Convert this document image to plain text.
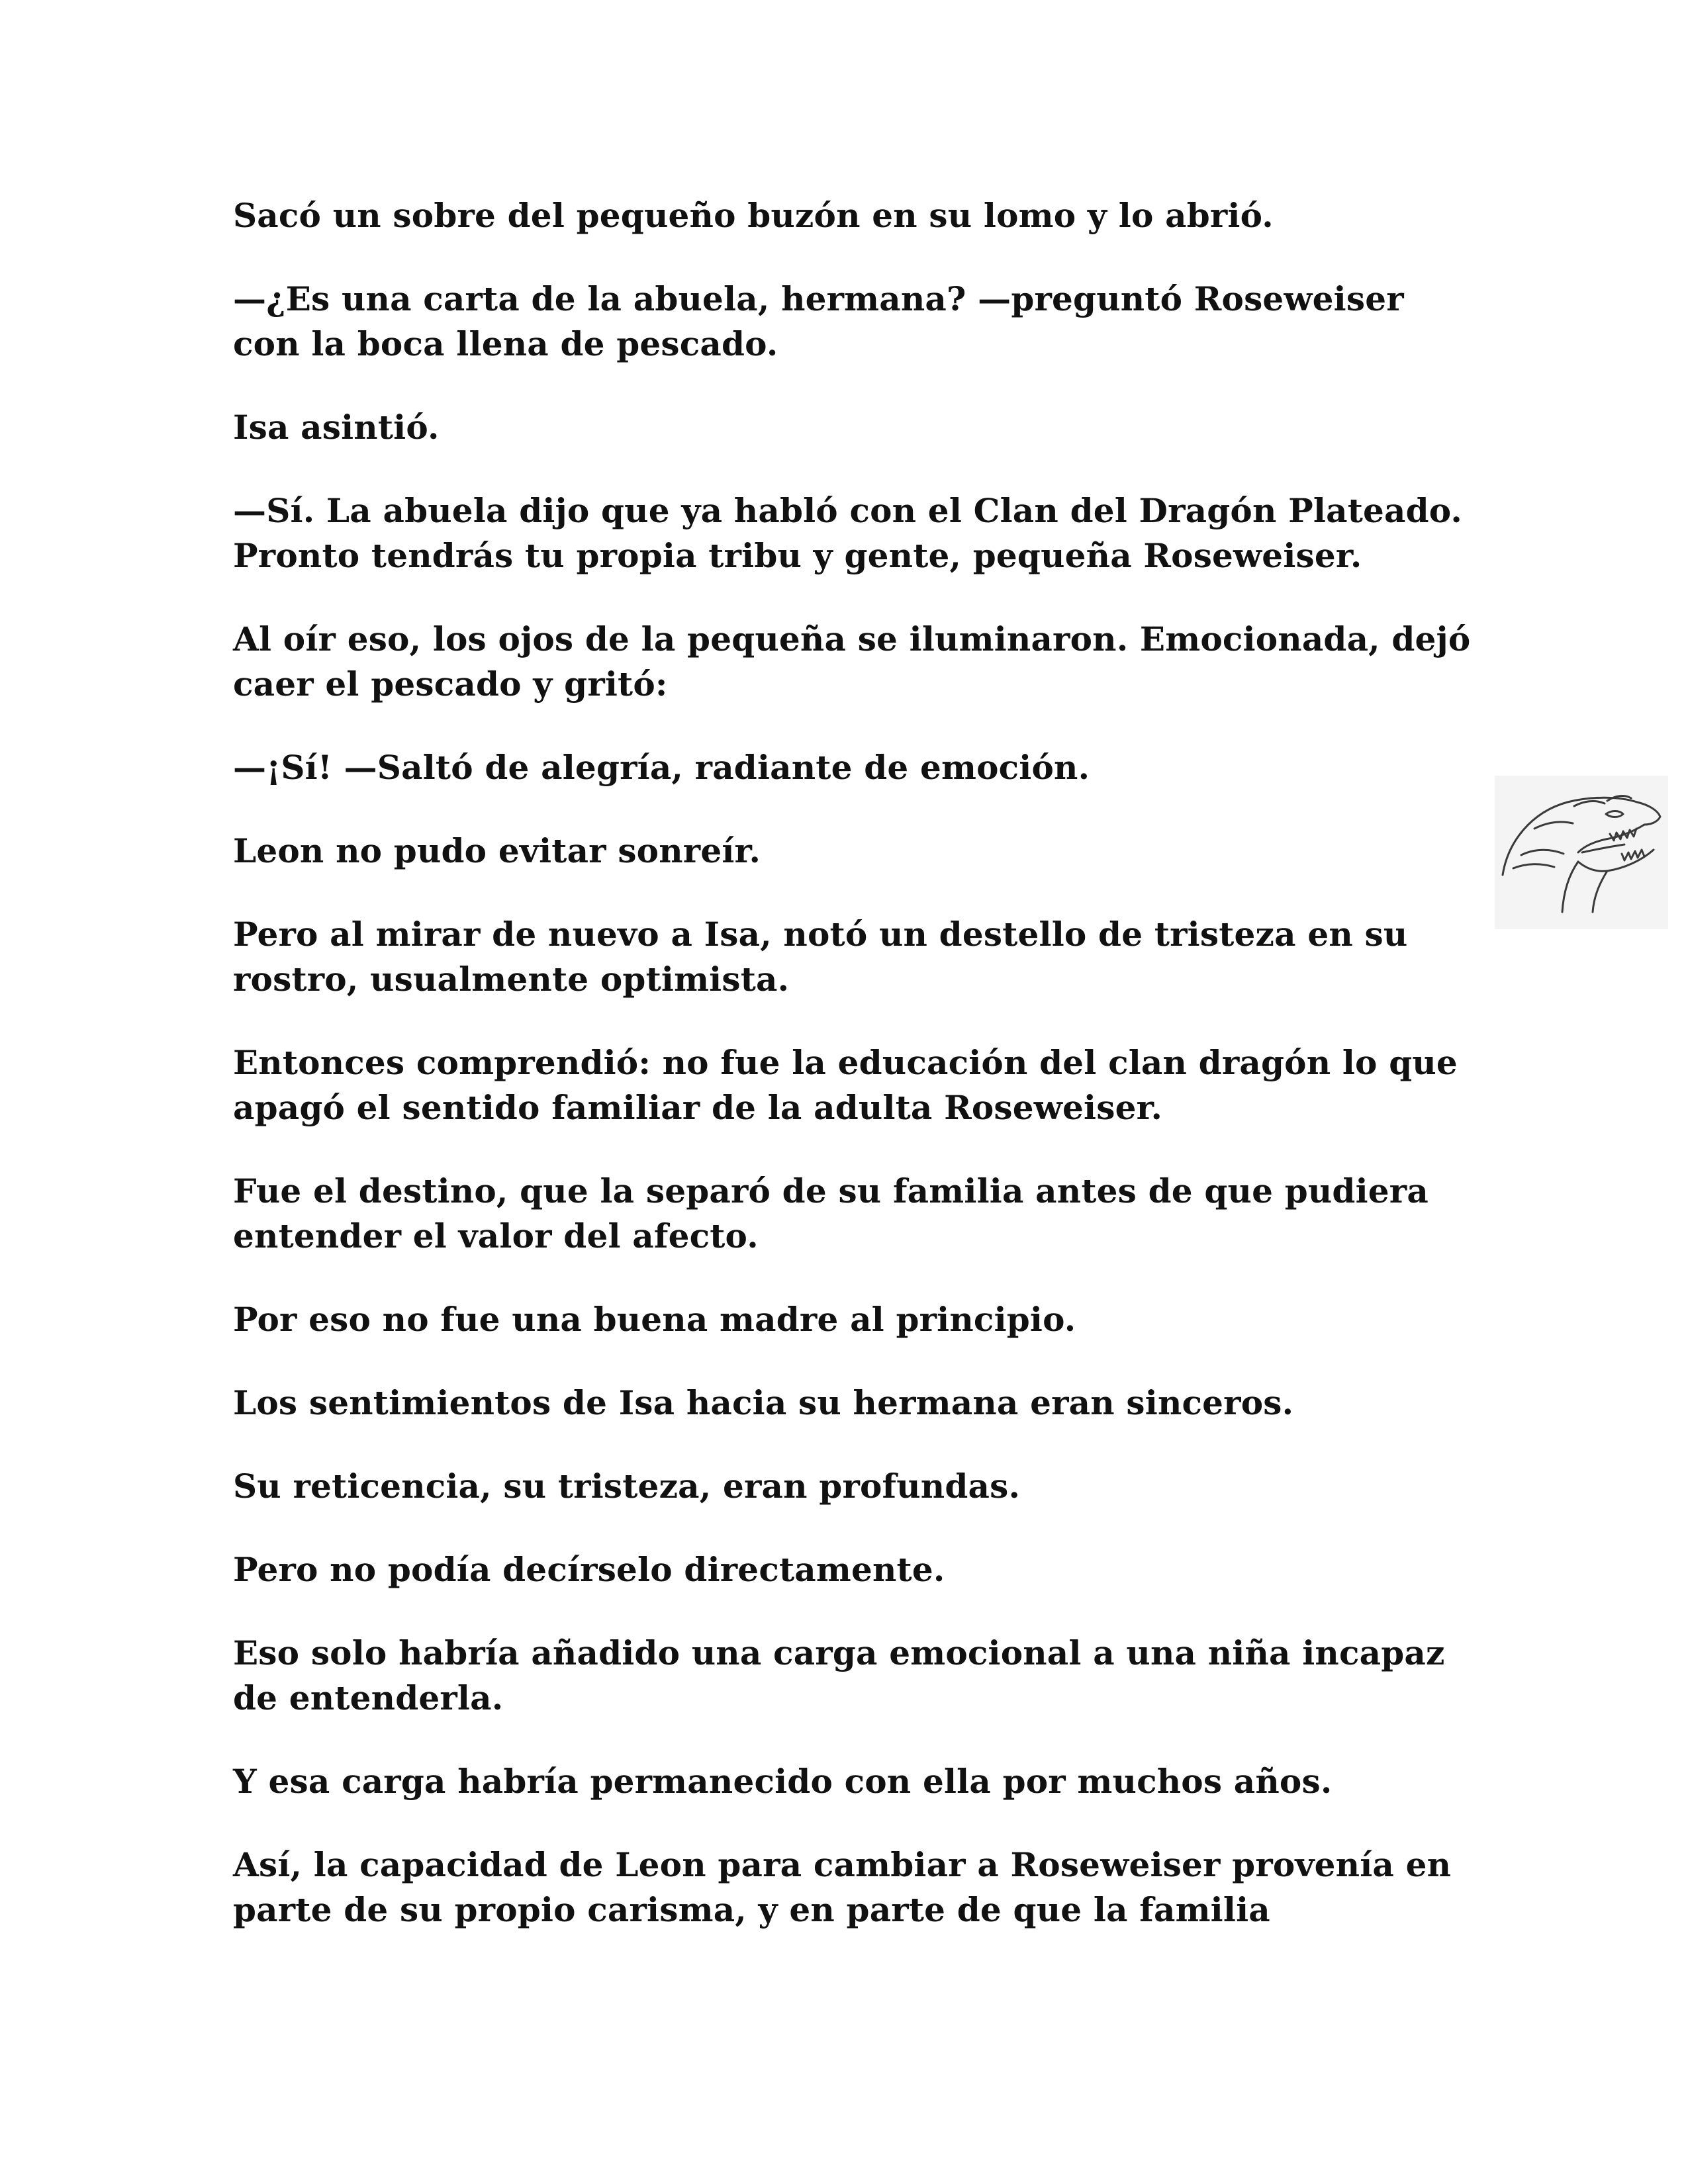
Sacó un sobre del pequeño buzón en su lomo y lo abrió.

—¿Es una carta de la abuela, hermana? —preguntó Roseweiser con la boca llena de pescado.

Isa asintió.

—Sí. La abuela dijo que ya habló con el Clan del Dragón Plateado. Pronto tendrás tu propia tribu y gente, pequeña Roseweiser.

Al oír eso, los ojos de la pequeña se iluminaron. Emocionada, dejó caer el pescado y gritó:

—¡Sí! —Saltó de alegría, radiante de emoción.

Leon no pudo evitar sonreír.

Pero al mirar de nuevo a Isa, notó un destello de tristeza en su rostro, usualmente optimista.

Entonces comprendió: no fue la educación del clan dragón lo que apagó el sentido familiar de la adulta Roseweiser.

Fue el destino, que la separó de su familia antes de que pudiera entender el valor del afecto.

Por eso no fue una buena madre al principio.

Los sentimientos de Isa hacia su hermana eran sinceros.

Su reticencia, su tristeza, eran profundas.

Pero no podía decírselo directamente.

Eso solo habría añadido una carga emocional a una niña incapaz de entenderla.

Y esa carga habría permanecido con ella por muchos años.

Así, la capacidad de Leon para cambiar a Roseweiser provenía en parte de su propio carisma, y en parte de que la familia
